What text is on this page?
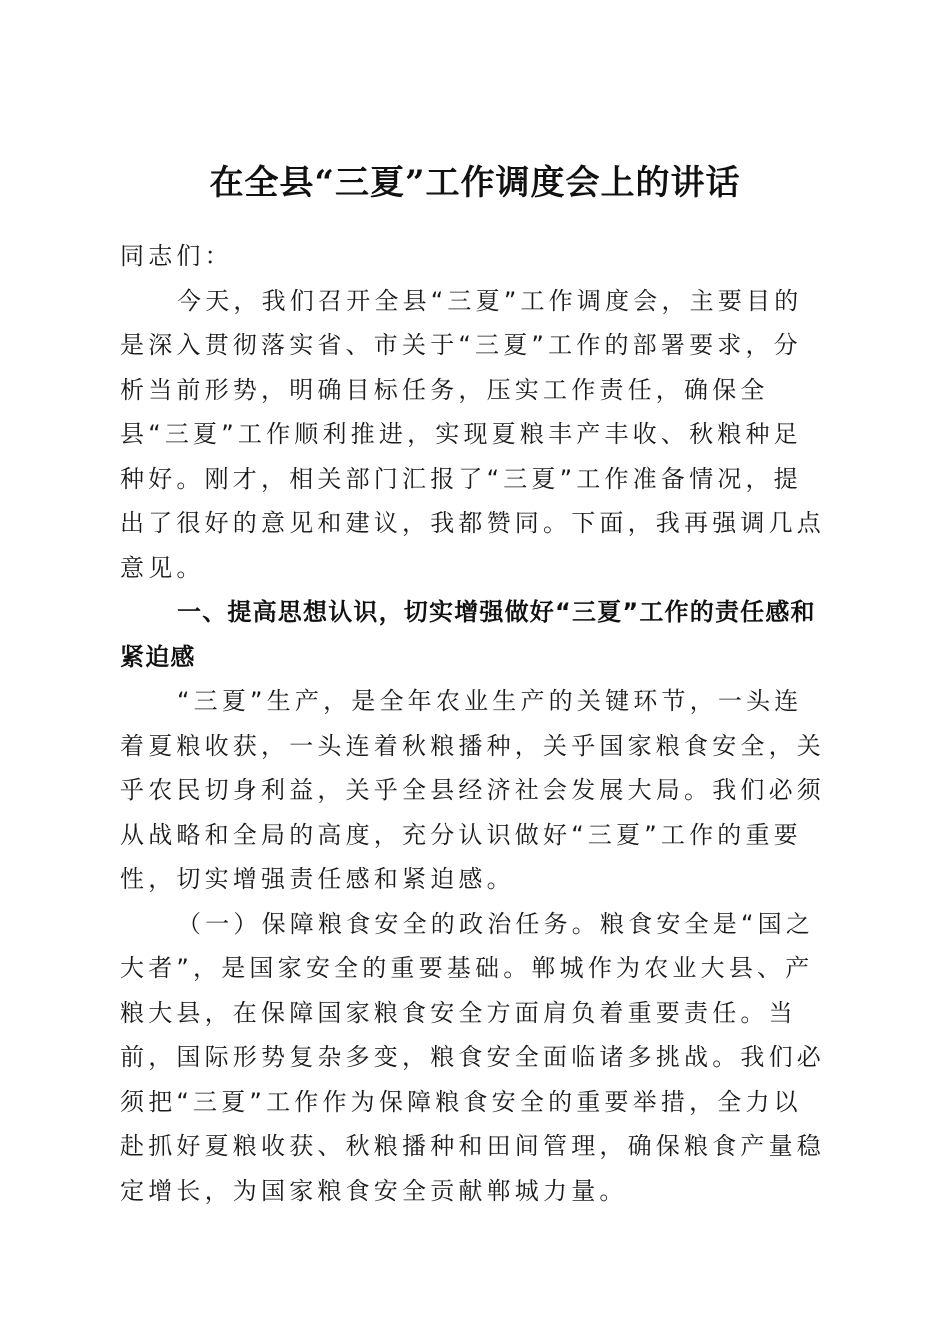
在全县“三夏”工作调度会上的讲话

同志们：

今天，我们召开全县“三夏”工作调度会，主要目的是深入贯彻落实省、市关于“三夏”工作的部署要求，分析当前形势，明确目标任务，压实工作责任，确保全县“三夏”工作顺利推进，实现夏粮丰产丰收、秋粮种足种好。刚才，相关部门汇报了“三夏”工作准备情况，提出了很好的意见和建议，我都赞同。下面，我再强调几点意见。

一、提高思想认识，切实增强做好“三夏”工作的责任感和紧迫感

“三夏”生产，是全年农业生产的关键环节，一头连着夏粮收获，一头连着秋粮播种，关乎国家粮食安全，关乎农民切身利益，关乎全县经济社会发展大局。我们必须从战略和全局的高度，充分认识做好“三夏”工作的重要性，切实增强责任感和紧迫感。

（一）保障粮食安全的政治任务。粮食安全是“国之大者”，是国家安全的重要基础。郸城作为农业大县、产粮大县，在保障国家粮食安全方面肩负着重要责任。当前，国际形势复杂多变，粮食安全面临诸多挑战。我们必须把“三夏”工作作为保障粮食安全的重要举措，全力以赴抓好夏粮收获、秋粮播种和田间管理，确保粮食产量稳定增长，为国家粮食安全贡献郸城力量。
